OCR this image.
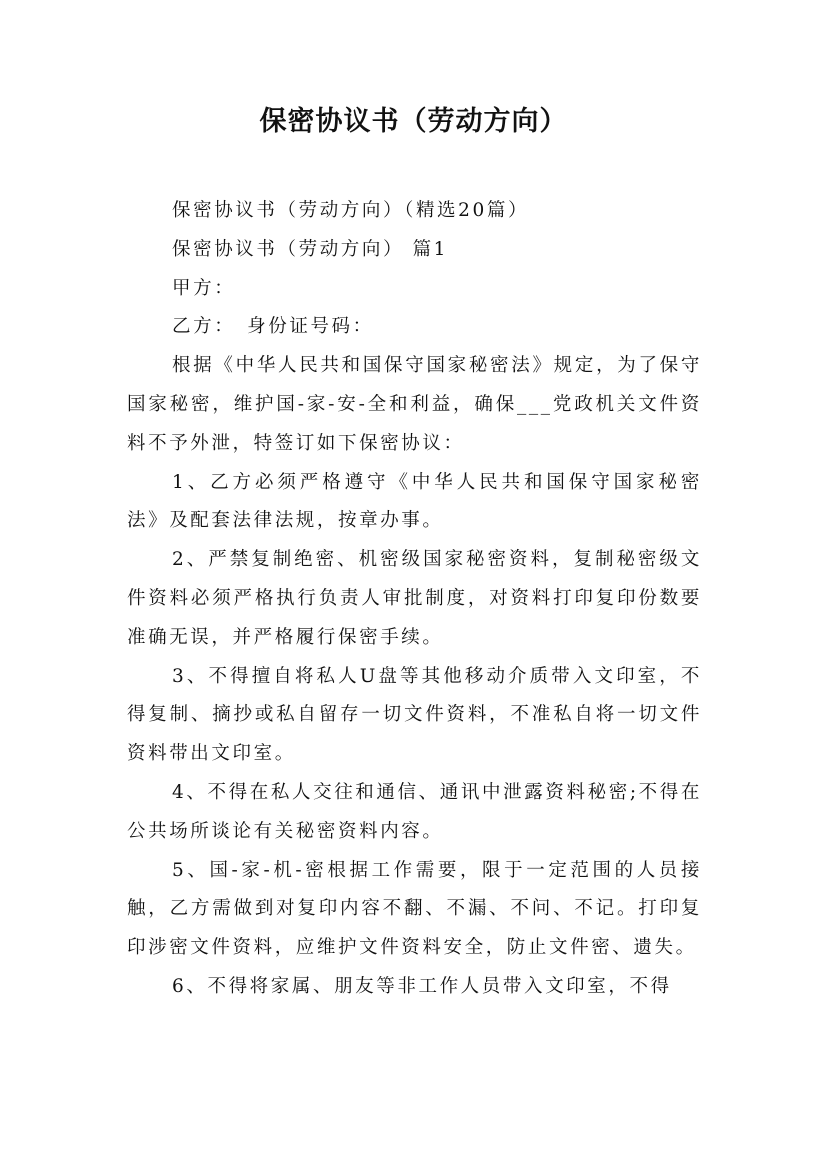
保密协议书（劳动方向）

保密协议书（劳动方向）（精选20篇）

保密协议书（劳动方向） 篇1

甲方：

乙方：　身份证号码：

根据《中华人民共和国保守国家秘密法》规定，为了保守国家秘密，维护国-家-安-全和利益，确保___党政机关文件资料不予外泄，特签订如下保密协议：

1、乙方必须严格遵守《中华人民共和国保守国家秘密法》及配套法律法规，按章办事。

2、严禁复制绝密、机密级国家秘密资料，复制秘密级文件资料必须严格执行负责人审批制度，对资料打印复印份数要准确无误，并严格履行保密手续。

3、不得擅自将私人U盘等其他移动介质带入文印室，不得复制、摘抄或私自留存一切文件资料，不准私自将一切文件资料带出文印室。

4、不得在私人交往和通信、通讯中泄露资料秘密;不得在公共场所谈论有关秘密资料内容。

5、国-家-机-密根据工作需要，限于一定范围的人员接触，乙方需做到对复印内容不翻、不漏、不问、不记。打印复印涉密文件资料，应维护文件资料安全，防止文件密、遗失。

6、不得将家属、朋友等非工作人员带入文印室，不得
